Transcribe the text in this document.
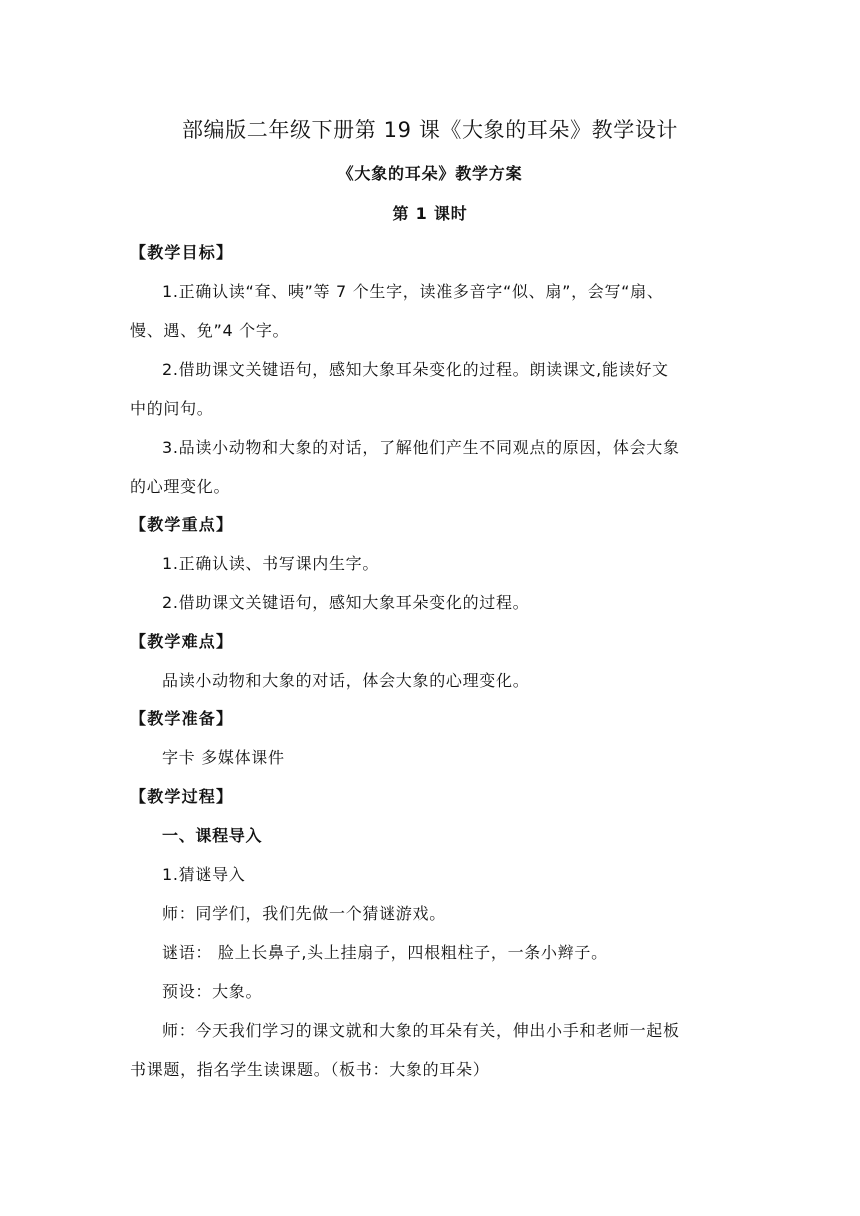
部编版二年级下册第 19 课《大象的耳朵》教学设计
《大象的耳朵》教学方案
第 1 课时
【教学目标】
1.正确认读“耷、咦”等 7 个生字，读准多音字“似、扇”，会写“扇、
慢、遇、免”4 个字。
2.借助课文关键语句，感知大象耳朵变化的过程。朗读课文,能读好文
中的问句。
3.品读小动物和大象的对话，了解他们产生不同观点的原因，体会大象
的心理变化。
【教学重点】
1.正确认读、书写课内生字。
2.借助课文关键语句，感知大象耳朵变化的过程。
【教学难点】
品读小动物和大象的对话，体会大象的心理变化。
【教学准备】
字卡 多媒体课件
【教学过程】
一、课程导入
1.猜谜导入
师：同学们，我们先做一个猜谜游戏。
谜语： 脸上长鼻子,头上挂扇子，四根粗柱子，一条小辫子。
预设：大象。
师：今天我们学习的课文就和大象的耳朵有关，伸出小手和老师一起板
书课题，指名学生读课题。（板书：大象的耳朵）
